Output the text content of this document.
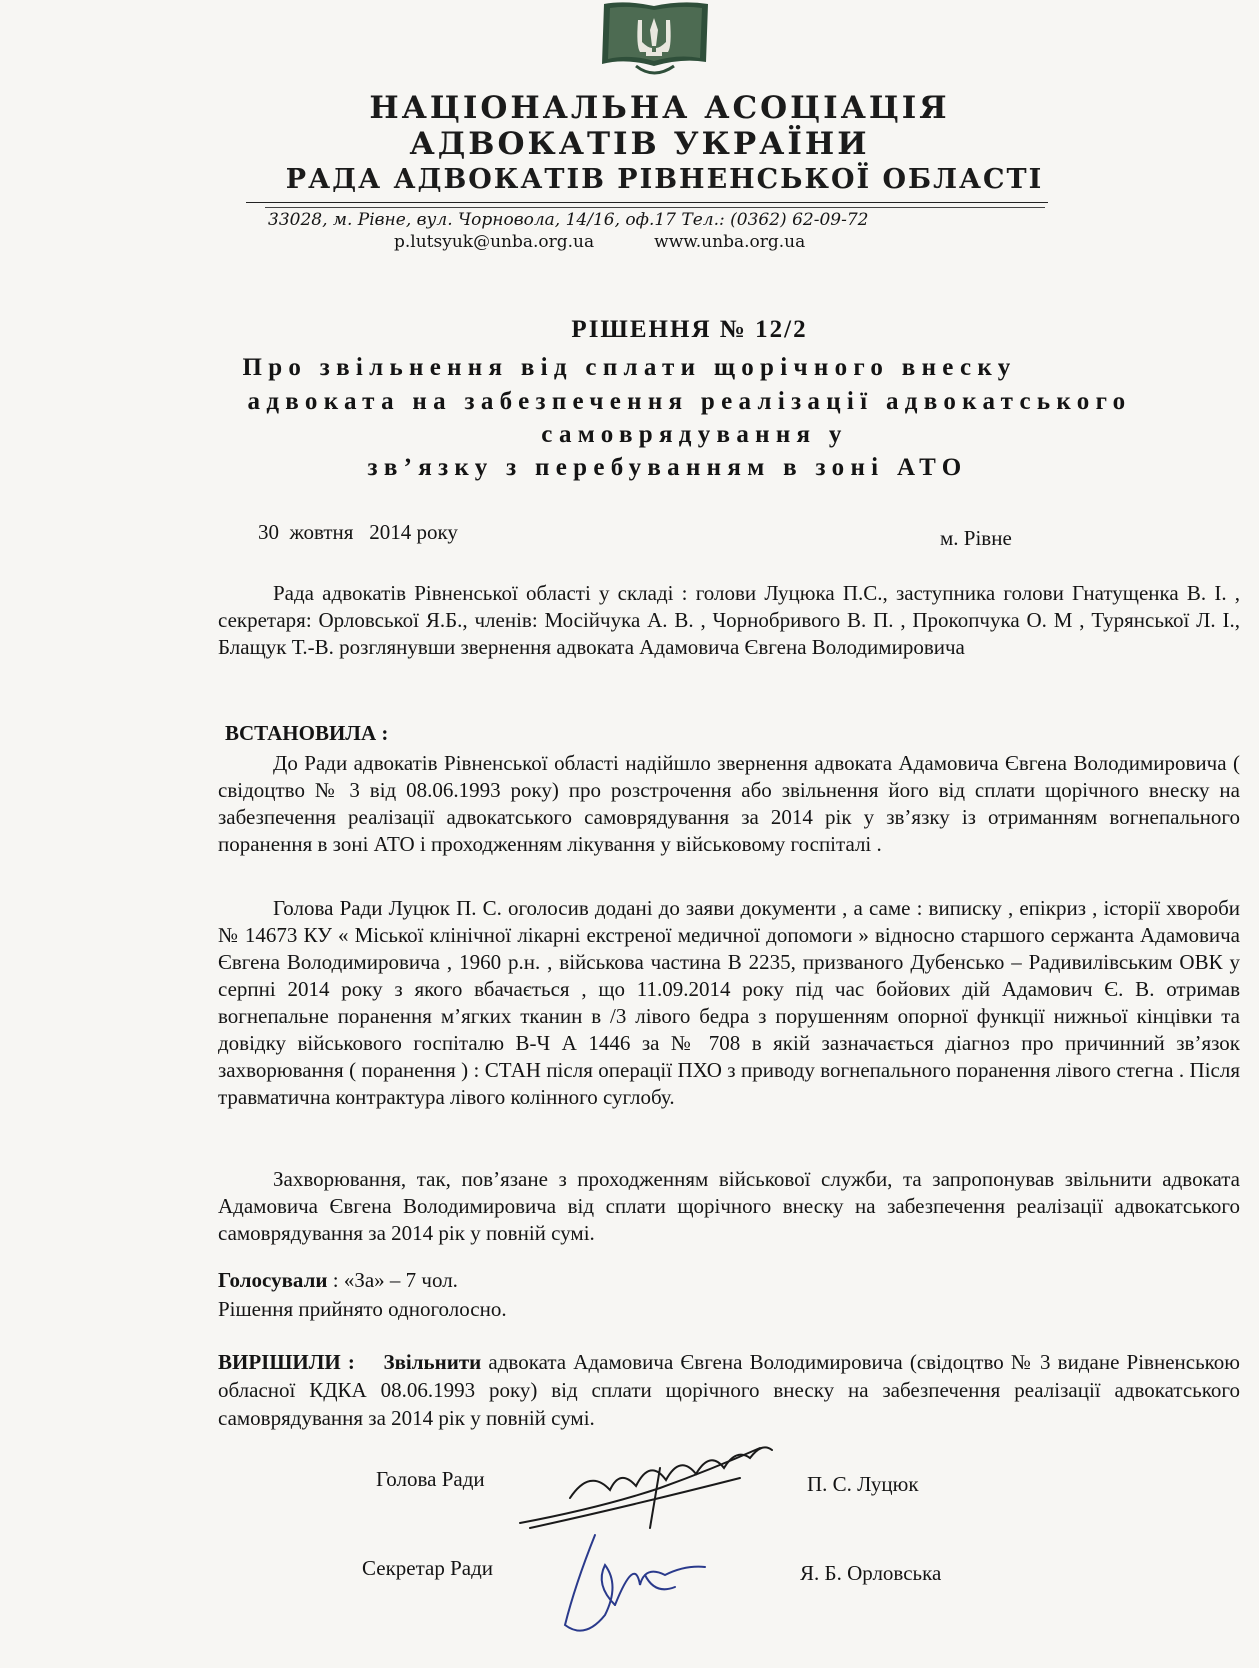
НАЦІОНАЛЬНА АСОЦІАЦІЯ
АДВОКАТІВ УКРАЇНИ
РАДА АДВОКАТІВ РІВНЕНСЬКОЇ ОБЛАСТІ
33028, м. Рівне, вул. Чорновола, 14/16, оф.17 Тел.: (0362) 62-09-72
p.lutsyuk@unba.org.ua	www.unba.org.ua
РІШЕННЯ № 12/2
Про звільнення від сплати щорічного внеску
адвоката на забезпечення реалізації адвокатського
самоврядування у
зв’язку з перебуванням в зоні АТО
30  жовтня   2014 року	м. Рівне

Рада адвокатів Рівненської області у складі : голови Луцюка П.С., заступника голови Гнатущенка В. І. , секретаря: Орловської Я.Б., членів: Мосійчука А. В. , Чорнобривого В. П. , Прокопчука О. М , Турянської Л. І., Блащук Т.-В. розглянувши звернення адвоката Адамовича Євгена Володимировича

ВСТАНОВИЛА :

До Ради адвокатів Рівненської області надійшло звернення адвоката Адамовича Євгена Володимировича ( свідоцтво № 3 від 08.06.1993 року) про розстрочення або звільнення його від сплати щорічного внеску на забезпечення реалізації адвокатського самоврядування за 2014 рік у зв’язку із отриманням вогнепального поранення в зоні АТО і проходженням лікування у військовому госпіталі .

Голова Ради Луцюк П. С. оголосив додані до заяви документи , а саме : виписку , епікриз , історії хвороби № 14673 КУ « Міської клінічної лікарні екстреної медичної допомоги » відносно старшого сержанта Адамовича Євгена Володимировича , 1960 р.н. , військова частина В 2235, призваного Дубенсько – Радивилівським ОВК у серпні 2014 року з якого вбачається , що 11.09.2014 року під час бойових дій Адамович Є. В. отримав вогнепальне поранення м’ягких тканин в /3 лівого бедра з порушенням опорної функції нижньої кінцівки та довідку військового госпіталю В-Ч А 1446 за № 708 в якій зазначається діагноз про причинний зв’язок захворювання ( поранення ) : СТАН після операції ПХО з приводу вогнепального поранення лівого стегна . Після травматична контрактура лівого колінного суглобу.

Захворювання, так, пов’язане з проходженням військової служби, та запропонував звільнити адвоката Адамовича Євгена Володимировича від сплати щорічного внеску на забезпечення реалізації адвокатського самоврядування за 2014 рік у повній сумі.

Голосували : «За» – 7 чол.
Рішення прийнято одноголосно.

ВИРІШИЛИ : Звільнити адвоката Адамовича Євгена Володимировича (свідоцтво № 3 видане Рівненською обласної КДКА 08.06.1993 року) від сплати щорічного внеску на забезпечення реалізації адвокатського самоврядування за 2014 рік у повній сумі.

Голова Ради	П. С. Луцюк
Секретар Ради	Я. Б. Орловська
